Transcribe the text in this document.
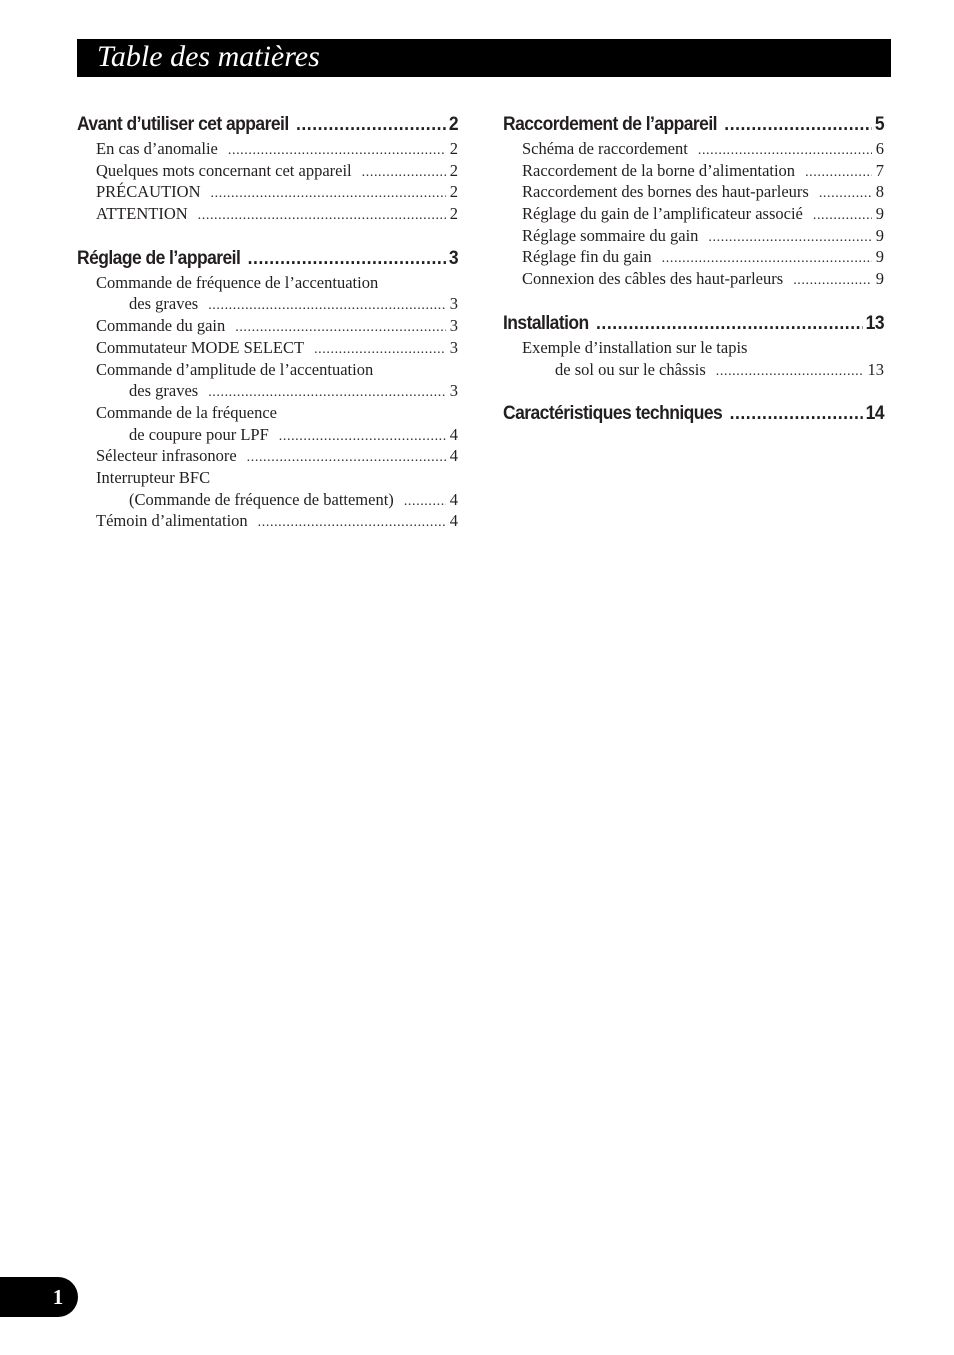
Table des matières
Avant d’utiliser cet appareil .....	2
En cas d’anomalie .....	2
Quelques mots concernant cet appareil .....	2
PRÉCAUTION .....	2
ATTENTION .....	2
Réglage de l’appareil .....	3
Commande de fréquence de l’accentuation
des graves .....	3
Commande du gain .....	3
Commutateur MODE SELECT .....	3
Commande d’amplitude de l’accentuation
des graves .....	3
Commande de la fréquence
de coupure pour LPF .....	4
Sélecteur infrasonore .....	4
Interrupteur BFC
(Commande de fréquence de battement) .....	4
Témoin d’alimentation .....	4
Raccordement de l’appareil .....	5
Schéma de raccordement .....	6
Raccordement de la borne d’alimentation .....	7
Raccordement des bornes des haut-parleurs .....	8
Réglage du gain de l’amplificateur associé .....	9
Réglage sommaire du gain .....	9
Réglage fin du gain .....	9
Connexion des câbles des haut-parleurs .....	9
Installation .....	13
Exemple d’installation sur le tapis
de sol ou sur le châssis .....	13
Caractéristiques techniques .....	14
1
